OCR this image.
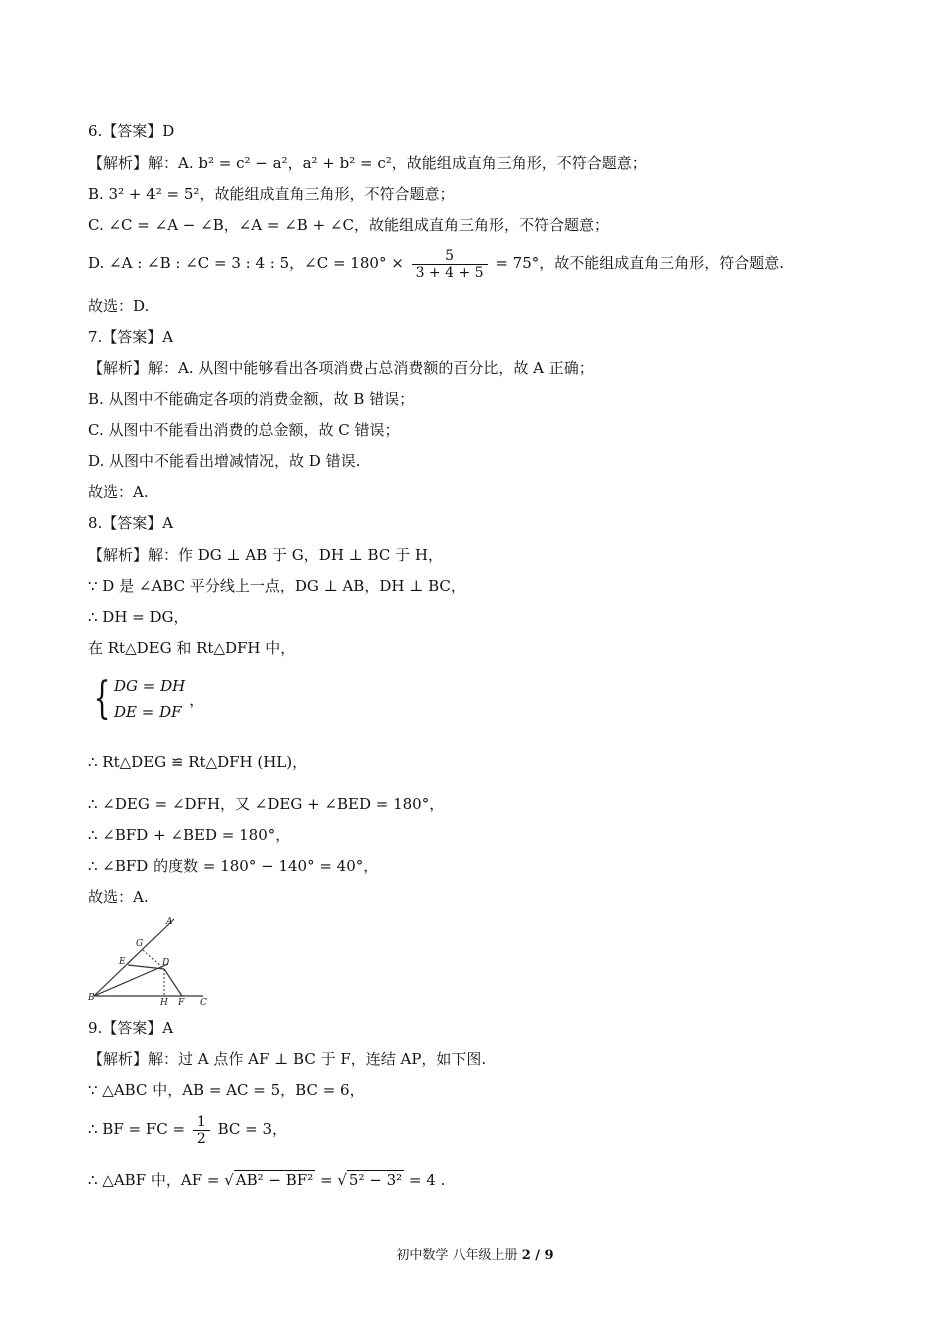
6.【答案】D
【解析】解：A. b² = c² − a²，a² + b² = c²，故能组成直角三角形，不符合题意；
B. 3² + 4² = 5²，故能组成直角三角形，不符合题意；
C. ∠C = ∠A − ∠B，∠A = ∠B + ∠C，故能组成直角三角形，不符合题意；
D. ∠A : ∠B : ∠C = 3 : 4 : 5，∠C = $180^\circ \times \frac{5}{3 + 4 + 5} = 75^\circ$，故不能组成直角三角形，符合题意.
故选：D.
7.【答案】A
【解析】解：A. 从图中能够看出各项消费占总消费额的百分比，故 A 正确；
B. 从图中不能确定各项的消费金额，故 B 错误；
C. 从图中不能看出消费的总金额，故 C 错误；
D. 从图中不能看出增减情况，故 D 错误.
故选：A.
8.【答案】A
【解析】解：作 DG ⊥ AB 于 G，DH ⊥ BC 于 H，
∵ D 是 ∠ABC 平分线上一点，DG ⊥ AB，DH ⊥ BC，
∴ DH = DG，
在 Rt△DEG 和 Rt△DFH 中，
{ DG = DH
DE = DF
，
∴ Rt△DEG ≌ Rt△DFH (HL)，
∴ ∠DEG = ∠DFH，又 ∠DEG + ∠BED = 180°，
∴ ∠BFD + ∠BED = 180°，
∴ ∠BFD 的度数 = 180° − 140° = 40°，
故选：A.
A
G
E	D
B	H F C
9.【答案】A
【解析】解：过 A 点作 AF ⊥ BC 于 F，连结 AP，如下图.
∵ △ABC 中，AB = AC = 5，BC = 6，
∴ BF = FC = $\frac{1}{2}$ BC = 3，
∴ △ABF 中，AF = √ AB² − BF² = √ 5² − 3² = 4 .
初中数学 八年级上册 2 / 9
